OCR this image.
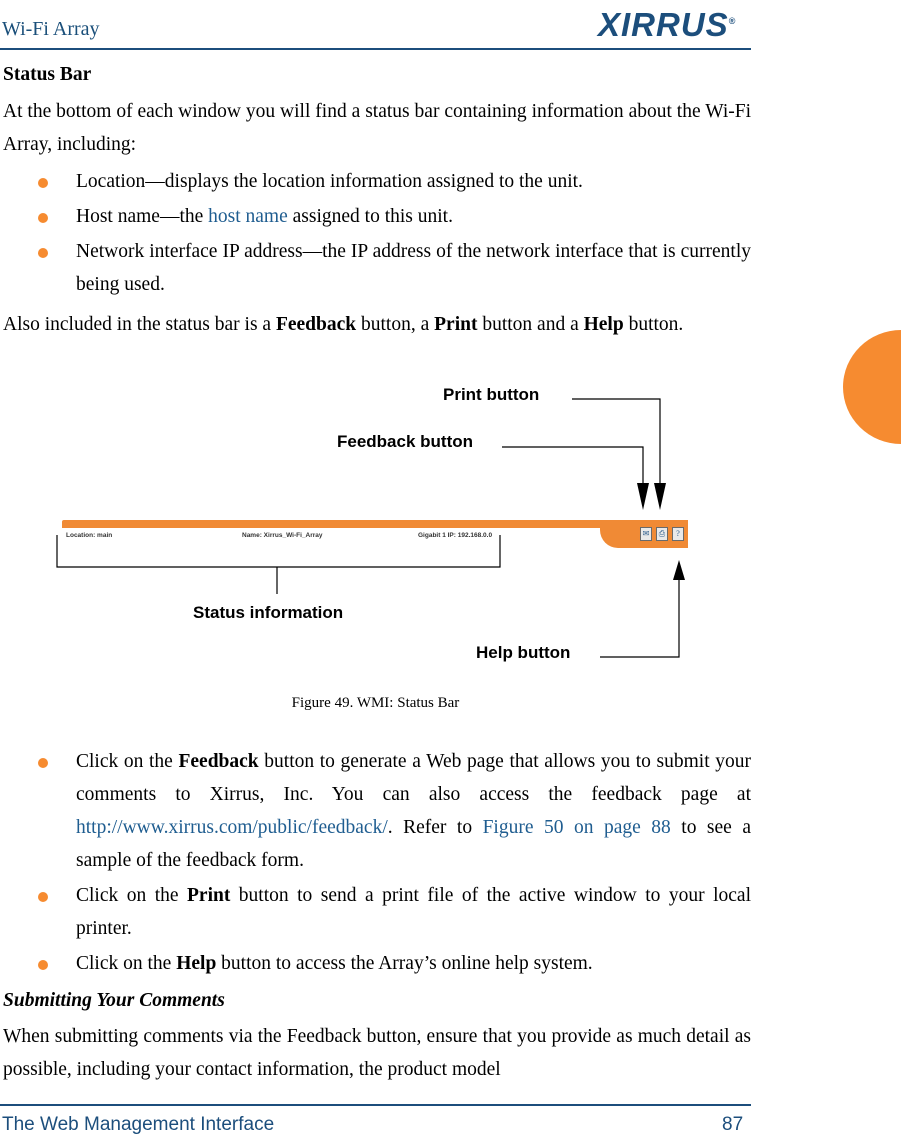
Wi-Fi Array	XIRRUS®
Status Bar
At the bottom of each window you will find a status bar containing information about the Wi-Fi Array, including:
Location—displays the location information assigned to the unit.
Host name—the host name assigned to this unit.
Network interface IP address—the IP address of the network interface that is currently being used.
Also included in the status bar is a Feedback button, a Print button and a Help button.
Print button
Feedback button
Location: main	Name: Xirrus_Wi-Fi_Array	Gigabit 1 IP: 192.168.0.0	✉	⎙	?
Status information
Help button
Figure 49. WMI: Status Bar
Click on the Feedback button to generate a Web page that allows you to submit your comments to Xirrus, Inc. You can also access the feedback page at http://www.xirrus.com/public/feedback/. Refer to Figure 50 on page 88 to see a sample of the feedback form.
Click on the Print button to send a print file of the active window to your local printer.
Click on the Help button to access the Array’s online help system.
Submitting Your Comments
When submitting comments via the Feedback button, ensure that you provide as much detail as possible, including your contact information, the product model
The Web Management Interface	87
